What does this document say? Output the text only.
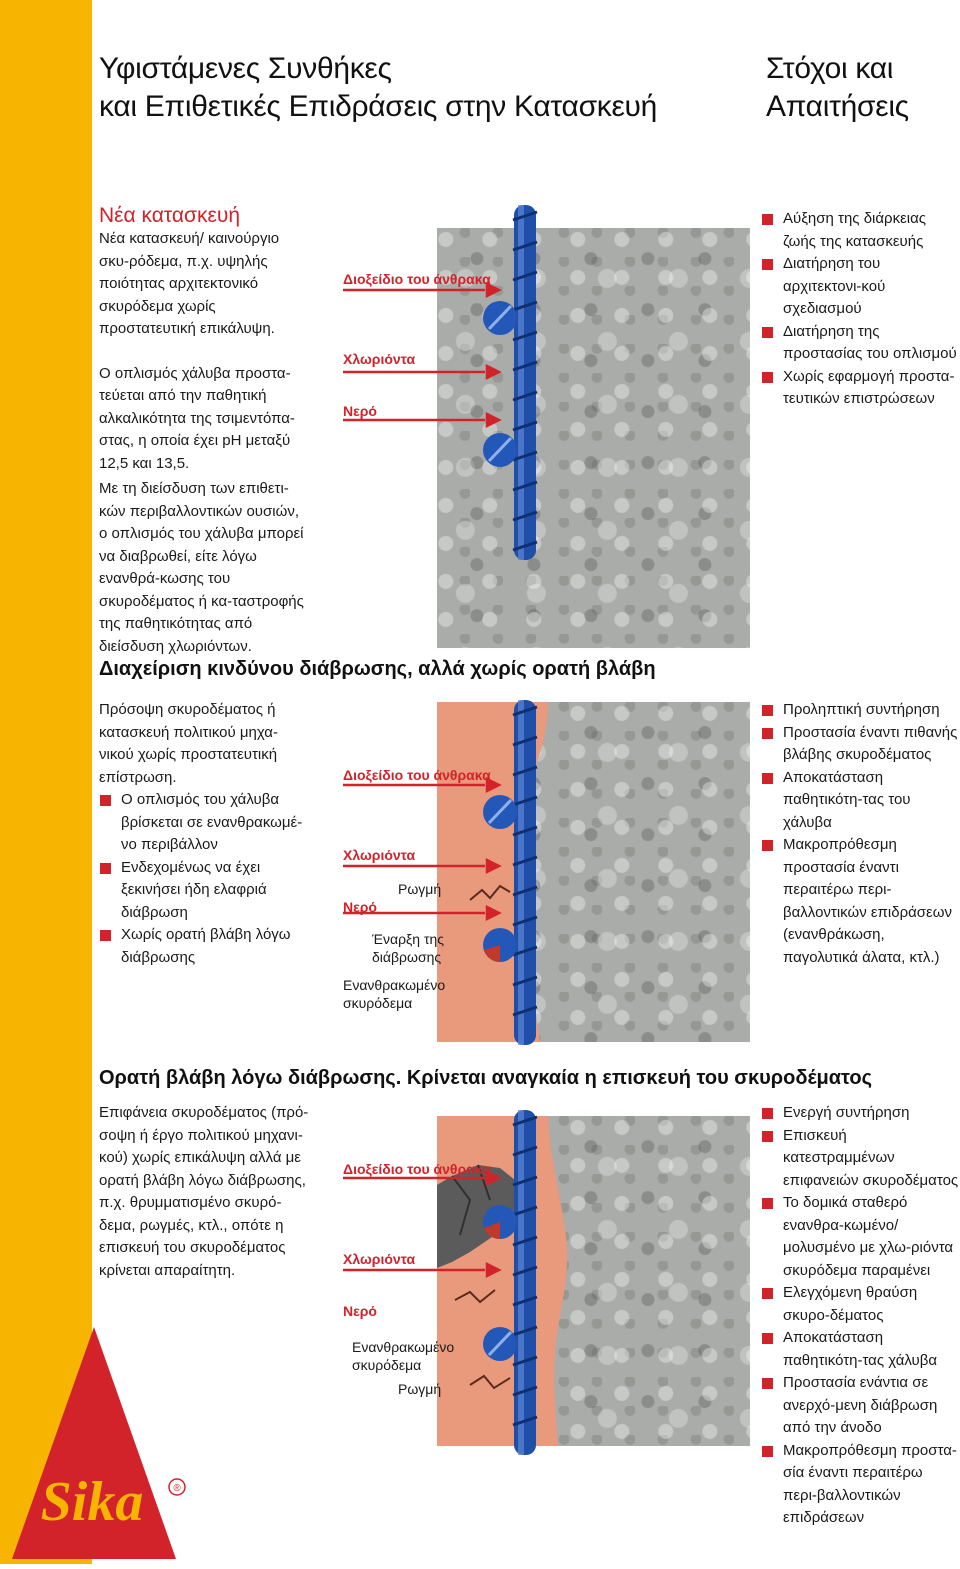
Υφιστάμενες Συνθήκες
και Επιθετικές Επιδράσεις στην Κατασκευή
Στόχοι και
Απαιτήσεις
Νέα κατασκευή

Νέα κατασκευή/ καινούργιο σκυ-ρόδεμα, π.χ. υψηλής ποιότητας αρχιτεκτονικό σκυρόδεμα χωρίς προστατευτική επικάλυψη.

Ο οπλισμός χάλυβα προστα-τεύεται από την παθητική αλκαλικότητα της τσιμεντόπα-στας, η οποία έχει pH μεταξύ 12,5 και 13,5.

Με τη διείσδυση των επιθετι-κών περιβαλλοντικών ουσιών, ο οπλισμός του χάλυβα μπορεί να διαβρωθεί, είτε λόγω ενανθρά-κωσης του σκυροδέματος ή κα-ταστροφής της παθητικότητας από διείσδυση χλωριόντων.
Διοξείδιο του άνθρακα
Χλωριόντα
Νερό
Αύξηση της διάρκειας ζωής της κατασκευής
Διατήρηση του αρχιτεκτονι-κού σχεδιασμού
Διατήρηση της προστασίας του οπλισμού
Χωρίς εφαρμογή προστα-τευτικών επιστρώσεων
Διαχείριση κινδύνου διάβρωσης, αλλά χωρίς ορατή βλάβη

Πρόσοψη σκυροδέματος ή κατασκευή πολιτικού μηχα-νικού χωρίς προστατευτική επίστρωση.

Ο οπλισμός του χάλυβα βρίσκεται σε ενανθρακωμέ-νο περιβάλλον
Ενδεχομένως να έχει ξεκινήσει ήδη ελαφριά διάβρωση
Χωρίς ορατή βλάβη λόγω διάβρωσης
Διοξείδιο του άνθρακα
Χλωριόντα
Νερό
Ρωγμή
Έναρξη της διάβρωσης
Ενανθρακωμένο σκυρόδεμα
Προληπτική συντήρηση
Προστασία έναντι πιθανής βλάβης σκυροδέματος
Αποκατάσταση παθητικότη-τας του χάλυβα
Μακροπρόθεσμη προστασία έναντι περαιτέρω περι-βαλλοντικών επιδράσεων (ενανθράκωση, παγολυτικά άλατα, κτλ.)
Ορατή βλάβη λόγω διάβρωσης. Κρίνεται αναγκαία η επισκευή του σκυροδέματος
Επιφάνεια σκυροδέματος (πρό-σοψη ή έργο πολιτικού μηχανι-κού) χωρίς επικάλυψη αλλά με ορατή βλάβη λόγω διάβρωσης, π.χ. θρυμματισμένο σκυρό-δεμα, ρωγμές, κτλ., οπότε η επισκευή του σκυροδέματος κρίνεται απαραίτητη.
Διοξείδιο του άνθρακα
Χλωριόντα
Νερό
Ενανθρακωμένο σκυρόδεμα
Ρωγμή
Ενεργή συντήρηση
Επισκευή κατεστραμμένων επιφανειών σκυροδέματος
Το δομικά σταθερό ενανθρα-κωμένο/ μολυσμένο με χλω-ριόντα σκυρόδεμα παραμένει
Ελεγχόμενη θραύση σκυρο-δέματος
Αποκατάσταση παθητικότη-τας χάλυβα
Προστασία ενάντια σε ανερχό-μενη διάβρωση από την άνοδο
Μακροπρόθεσμη προστα-σία έναντι περαιτέρω περι-βαλλοντικών επιδράσεων
Sika	®
